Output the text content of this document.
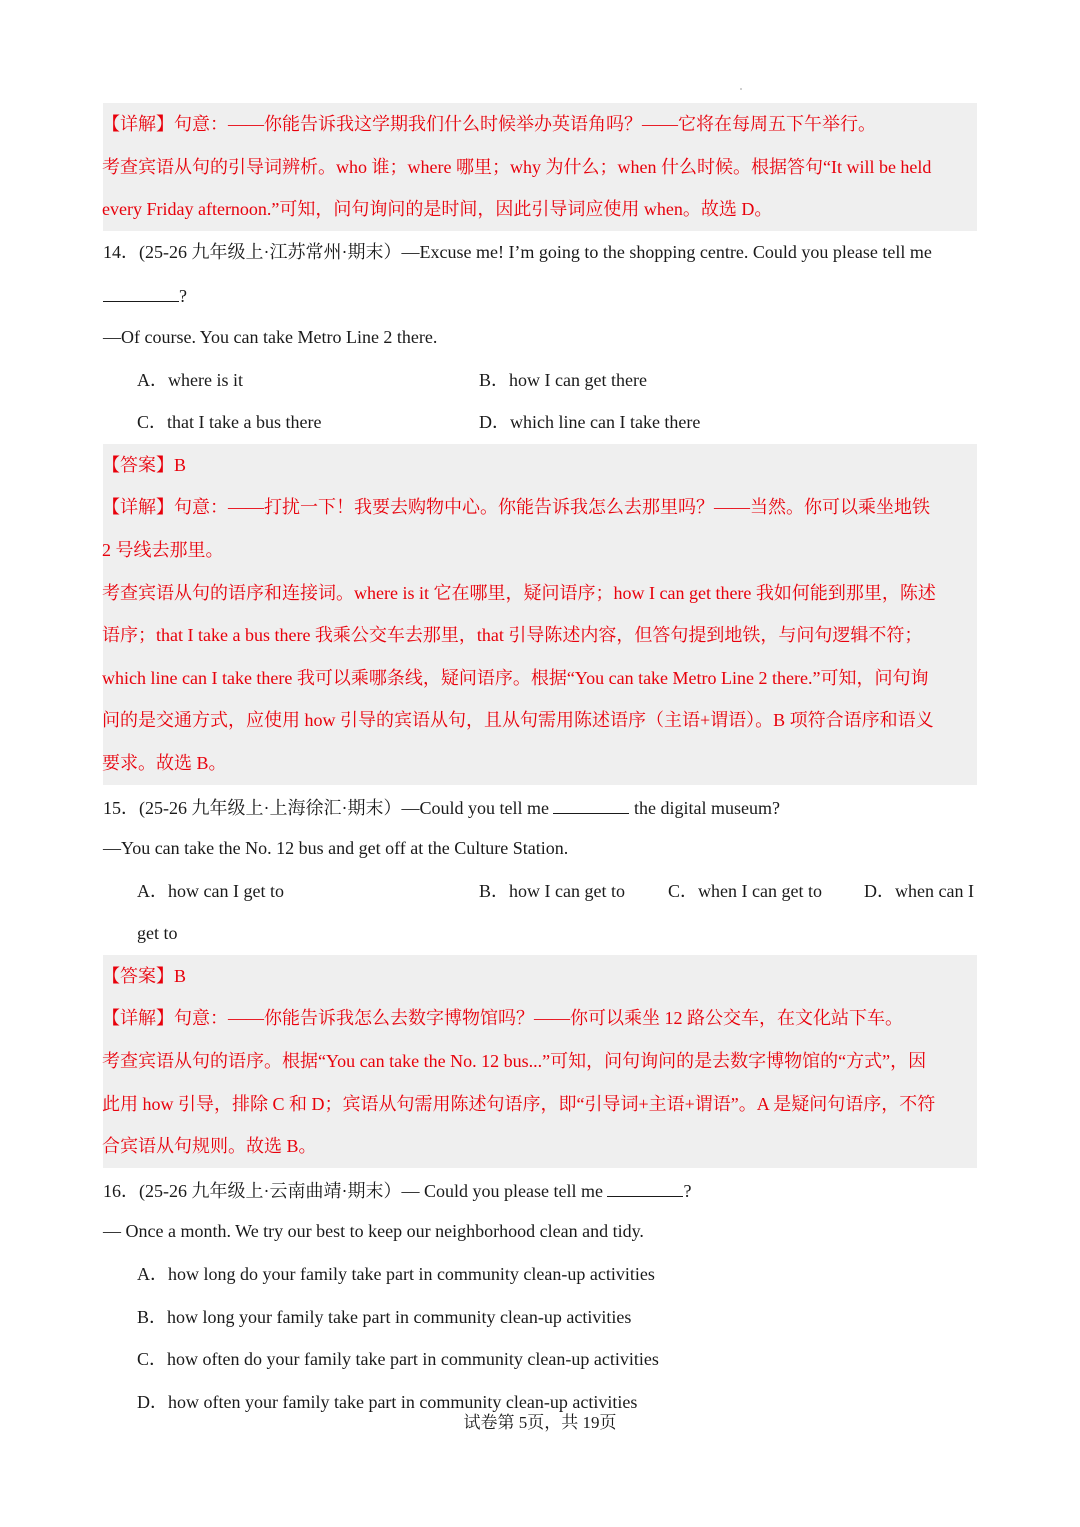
【详解】句意：——你能告诉我这学期我们什么时候举办英语角吗？——它将在每周五下午举行。
考查宾语从句的引导词辨析。who 谁；where 哪里；why 为什么；when 什么时候。根据答句“It will be held
every Friday afternoon.”可知，问句询问的是时间，因此引导词应使用 when。故选 D。
14．(25-26 九年级上·江苏常州·期末）—Excuse me! I’m going to the shopping centre. Could you please tell me
?
—Of course. You can take Metro Line 2 there.
A．where is it	B．how I can get there
C．that I take a bus there	D．which line can I take there
【答案】B
【详解】句意：——打扰一下！我要去购物中心。你能告诉我怎么去那里吗？——当然。你可以乘坐地铁
2 号线去那里。
考查宾语从句的语序和连接词。where is it 它在哪里，疑问语序；how I can get there 我如何能到那里，陈述
语序；that I take a bus there 我乘公交车去那里，that 引导陈述内容，但答句提到地铁，与问句逻辑不符；
which line can I take there 我可以乘哪条线，疑问语序。根据“You can take Metro Line 2 there.”可知，问句询
问的是交通方式，应使用 how 引导的宾语从句，且从句需用陈述语序（主语+谓语）。B 项符合语序和语义
要求。故选 B。
15．(25-26 九年级上·上海徐汇·期末）—Could you tell me	the digital museum?
—You can take the No. 12 bus and get off at the Culture Station.
A．how can I get to	B．how I can get to C．when I can get to D．when can I
get to
【答案】B
【详解】句意：——你能告诉我怎么去数字博物馆吗？——你可以乘坐 12 路公交车，在文化站下车。
考查宾语从句的语序。根据“You can take the No. 12 bus...”可知，问句询问的是去数字博物馆的“方式”，因
此用 how 引导，排除 C 和 D；宾语从句需用陈述句语序，即“引导词+主语+谓语”。A 是疑问句语序，不符
合宾语从句规则。故选 B。
16．(25-26 九年级上·云南曲靖·期末）— Could you please tell me	?
— Once a month. We try our best to keep our neighborhood clean and tidy.
A．how long do your family take part in community clean-up activities
B．how long your family take part in community clean-up activities
C．how often do your family take part in community clean-up activities
D．how often your family take part in community clean-up activities
试卷第 5页，共 19页
